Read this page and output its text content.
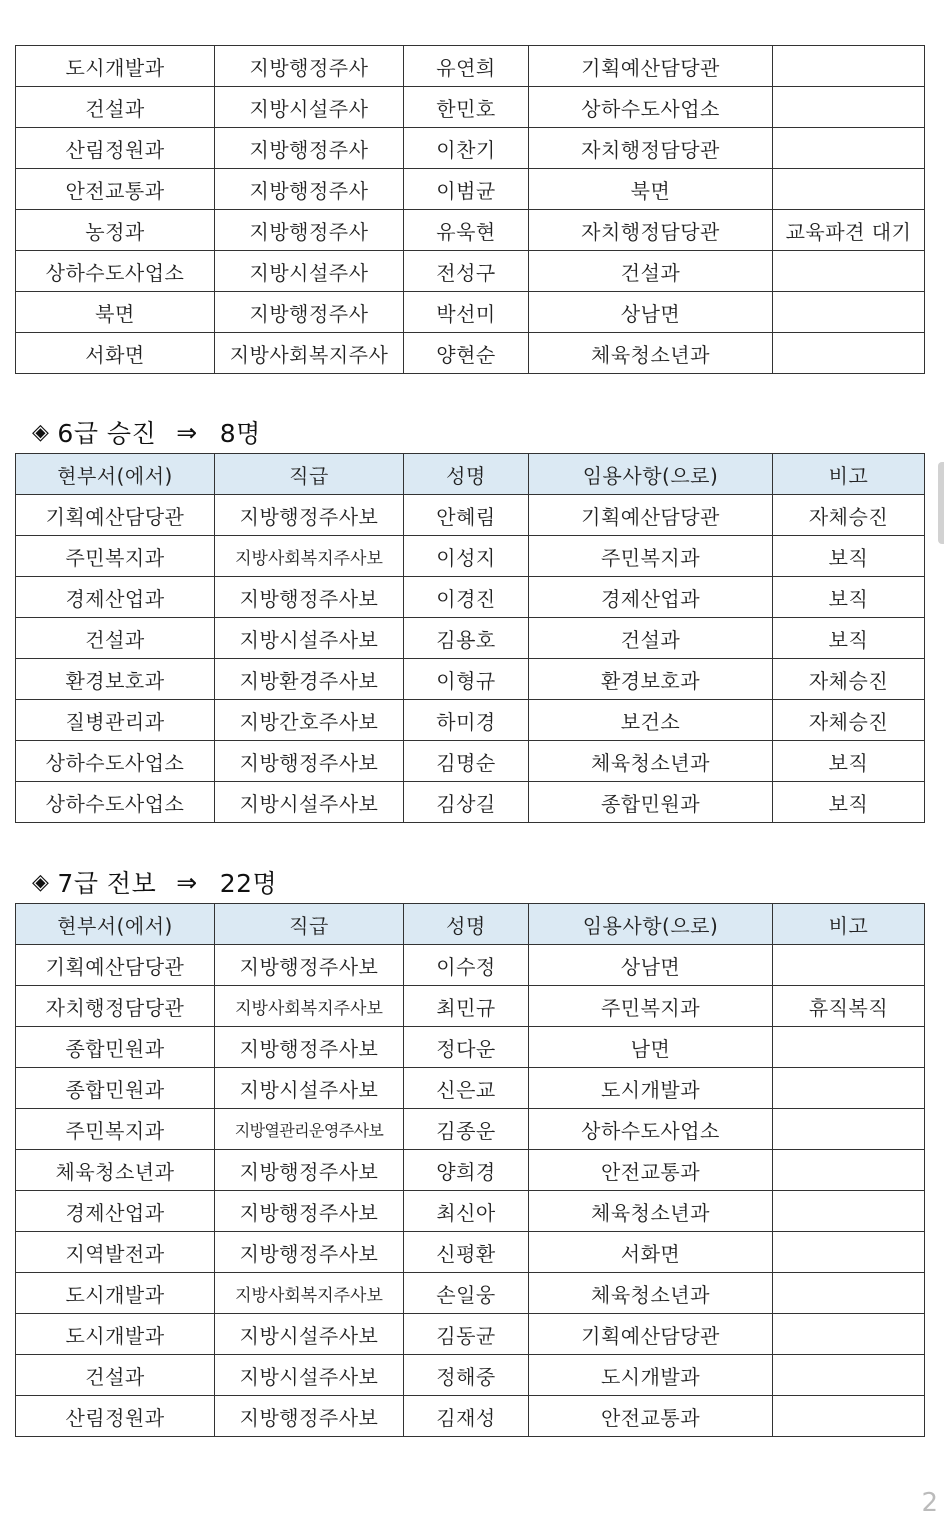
도시개발과	지방행정주사	유연희	기획예산담당관	
건설과	지방시설주사	한민호	상하수도사업소	
산림정원과	지방행정주사	이찬기	자치행정담당관	
안전교통과	지방행정주사	이범균	북면	
농정과	지방행정주사	유욱현	자치행정담당관	교육파견 대기
상하수도사업소	지방시설주사	전성구	건설과	
북면	지방행정주사	박선미	상남면	
서화면	지방사회복지주사	양현순	체육청소년과	
◈ 6급 승진 ⇒ 8명
현부서(에서)	직급	성명	임용사항(으로)	비고
기획예산담당관	지방행정주사보	안혜림	기획예산담당관	자체승진
주민복지과	지방사회복지주사보	이성지	주민복지과	보직
경제산업과	지방행정주사보	이경진	경제산업과	보직
건설과	지방시설주사보	김용호	건설과	보직
환경보호과	지방환경주사보	이형규	환경보호과	자체승진
질병관리과	지방간호주사보	하미경	보건소	자체승진
상하수도사업소	지방행정주사보	김명순	체육청소년과	보직
상하수도사업소	지방시설주사보	김상길	종합민원과	보직
◈ 7급 전보 ⇒ 22명
현부서(에서)	직급	성명	임용사항(으로)	비고
기획예산담당관	지방행정주사보	이수정	상남면	
자치행정담당관	지방사회복지주사보	최민규	주민복지과	휴직복직
종합민원과	지방행정주사보	정다운	남면	
종합민원과	지방시설주사보	신은교	도시개발과	
주민복지과	지방열관리운영주사보	김종운	상하수도사업소	
체육청소년과	지방행정주사보	양희경	안전교통과	
경제산업과	지방행정주사보	최신아	체육청소년과	
지역발전과	지방행정주사보	신평환	서화면	
도시개발과	지방사회복지주사보	손일웅	체육청소년과	
도시개발과	지방시설주사보	김동균	기획예산담당관	
건설과	지방시설주사보	정해중	도시개발과	
산림정원과	지방행정주사보	김재성	안전교통과	
2
